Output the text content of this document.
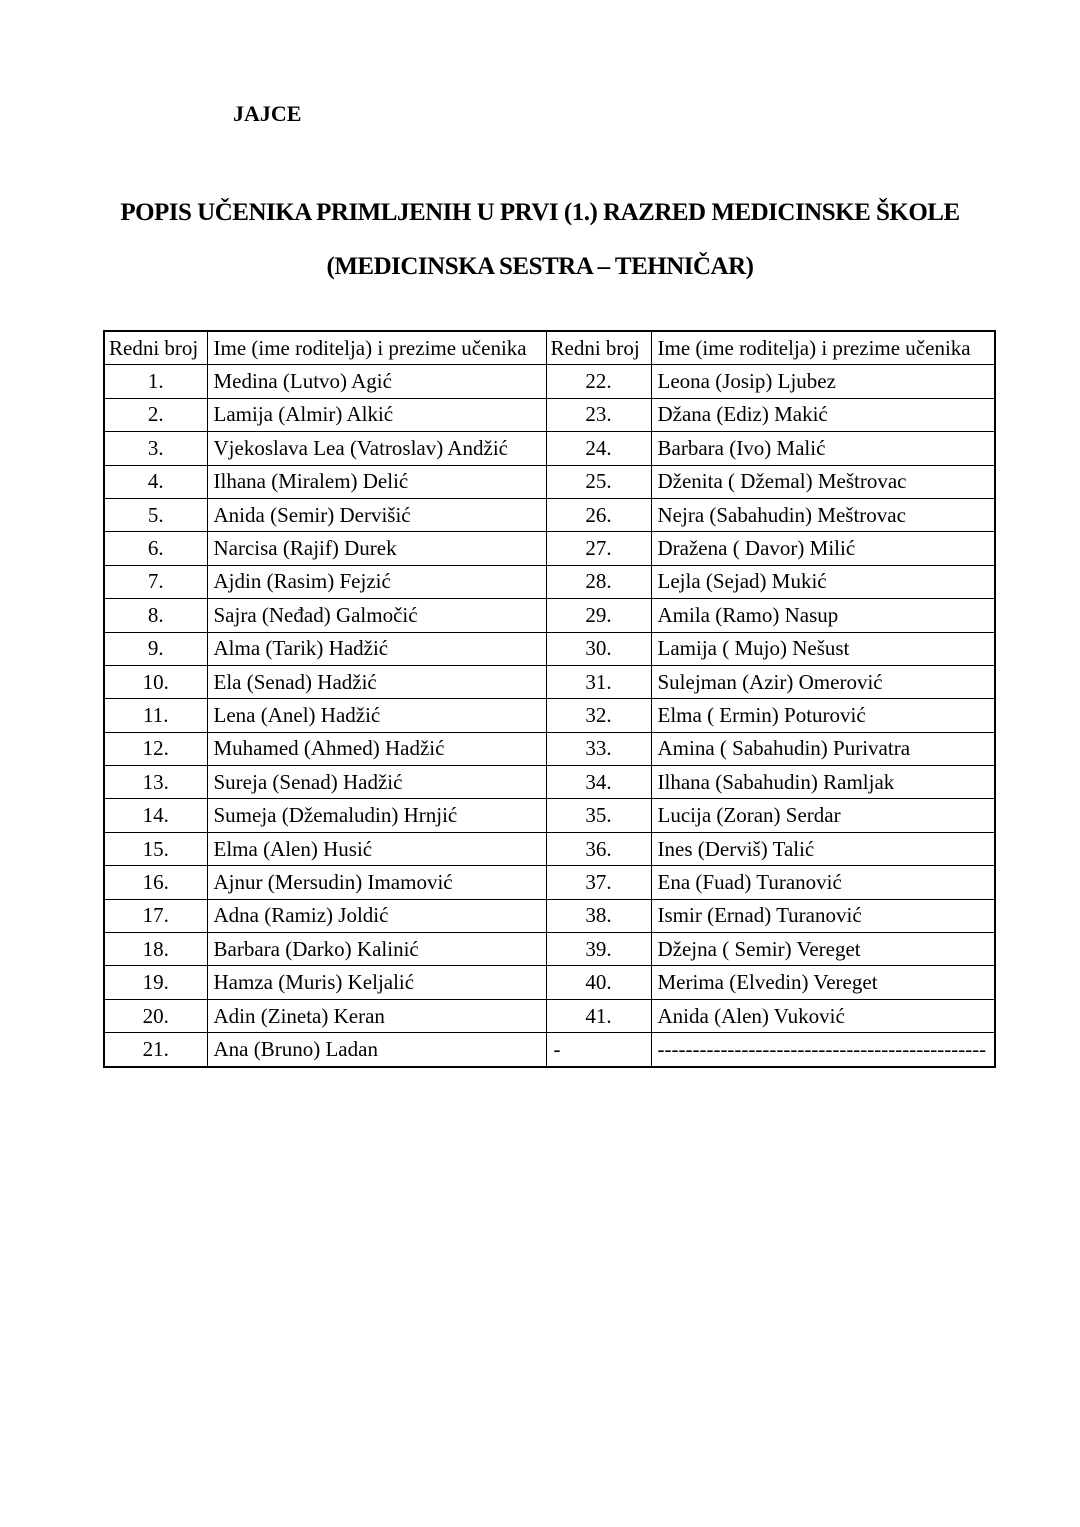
JAJCE
POPIS UČENIKA PRIMLJENIH U PRVI (1.) RAZRED MEDICINSKE ŠKOLE
(MEDICINSKA SESTRA – TEHNIČAR)
Redni broj	Ime (ime roditelja) i prezime učenika	Redni broj	Ime (ime roditelja) i prezime učenika
1.	Medina (Lutvo) Agić	22.	Leona (Josip) Ljubez
2.	Lamija (Almir) Alkić	23.	Džana (Ediz) Makić
3.	Vjekoslava Lea (Vatroslav) Andžić	24.	Barbara (Ivo) Malić
4.	Ilhana (Miralem) Delić	25.	Dženita ( Džemal) Meštrovac
5.	Anida (Semir) Dervišić	26.	Nejra (Sabahudin) Meštrovac
6.	Narcisa (Rajif) Durek	27.	Dražena ( Davor) Milić
7.	Ajdin (Rasim) Fejzić	28.	Lejla (Sejad) Mukić
8.	Sajra (Neđad) Galmočić	29.	Amila (Ramo) Nasup
9.	Alma (Tarik) Hadžić	30.	Lamija ( Mujo) Nešust
10.	Ela (Senad) Hadžić	31.	Sulejman (Azir) Omerović
11.	Lena (Anel) Hadžić	32.	Elma ( Ermin) Poturović
12.	Muhamed (Ahmed) Hadžić	33.	Amina ( Sabahudin) Purivatra
13.	Sureja (Senad) Hadžić	34.	Ilhana (Sabahudin) Ramljak
14.	Sumeja (Džemaludin) Hrnjić	35.	Lucija (Zoran) Serdar
15.	Elma (Alen) Husić	36.	Ines (Derviš) Talić
16.	Ajnur (Mersudin) Imamović	37.	Ena (Fuad) Turanović
17.	Adna (Ramiz) Joldić	38.	Ismir (Ernad) Turanović
18.	Barbara (Darko) Kalinić	39.	Džejna ( Semir) Vereget
19.	Hamza (Muris) Keljalić	40.	Merima (Elvedin) Vereget
20.	Adin (Zineta) Keran	41.	Anida (Alen) Vuković
21.	Ana (Bruno) Ladan	-	-----------------------------------------------
